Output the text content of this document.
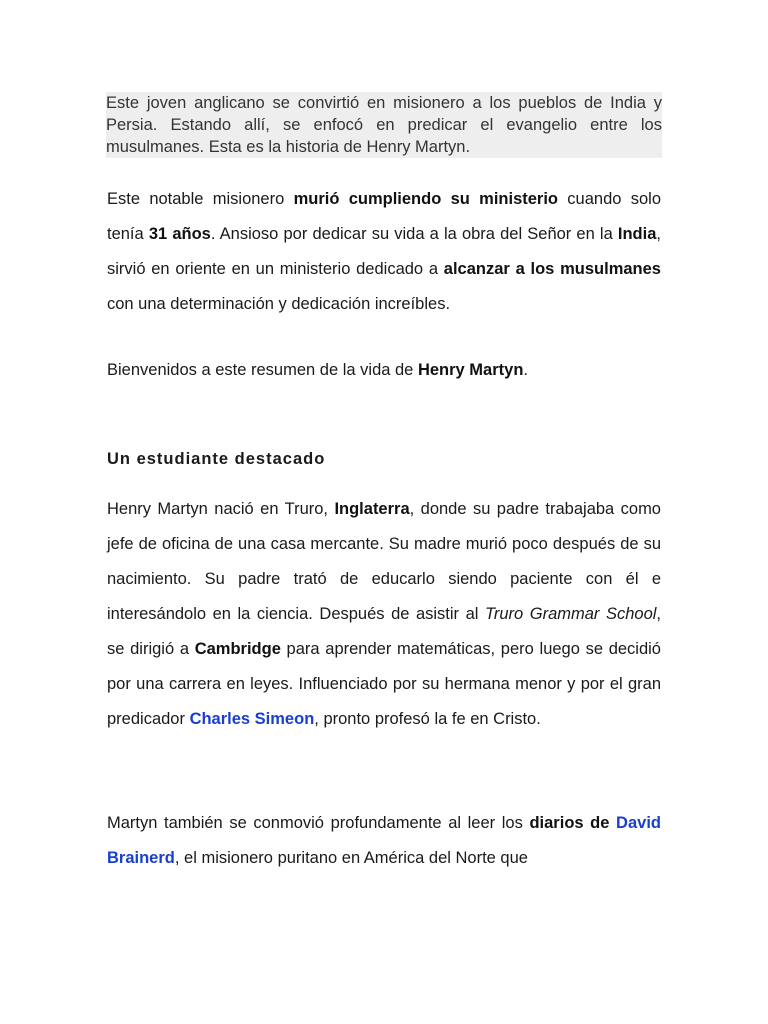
Este joven anglicano se convirtió en misionero a los pueblos de India y Persia. Estando allí, se enfocó en predicar el evangelio entre los musulmanes. Esta es la historia de Henry Martyn.

Este notable misionero murió cumpliendo su ministerio cuando solo tenía 31 años. Ansioso por dedicar su vida a la obra del Señor en la India, sirvió en oriente en un ministerio dedicado a alcanzar a los musulmanes con una determinación y dedicación increíbles.

Bienvenidos a este resumen de la vida de Henry Martyn.

Un estudiante destacado

Henry Martyn nació en Truro, Inglaterra, donde su padre trabajaba como jefe de oficina de una casa mercante. Su madre murió poco después de su nacimiento. Su padre trató de educarlo siendo paciente con él e interesándolo en la ciencia. Después de asistir al Truro Grammar School, se dirigió a Cambridge para aprender matemáticas, pero luego se decidió por una carrera en leyes. Influenciado por su hermana menor y por el gran predicador Charles Simeon, pronto profesó la fe en Cristo.

Martyn también se conmovió profundamente al leer los diarios de David Brainerd, el misionero puritano en América del Norte que
